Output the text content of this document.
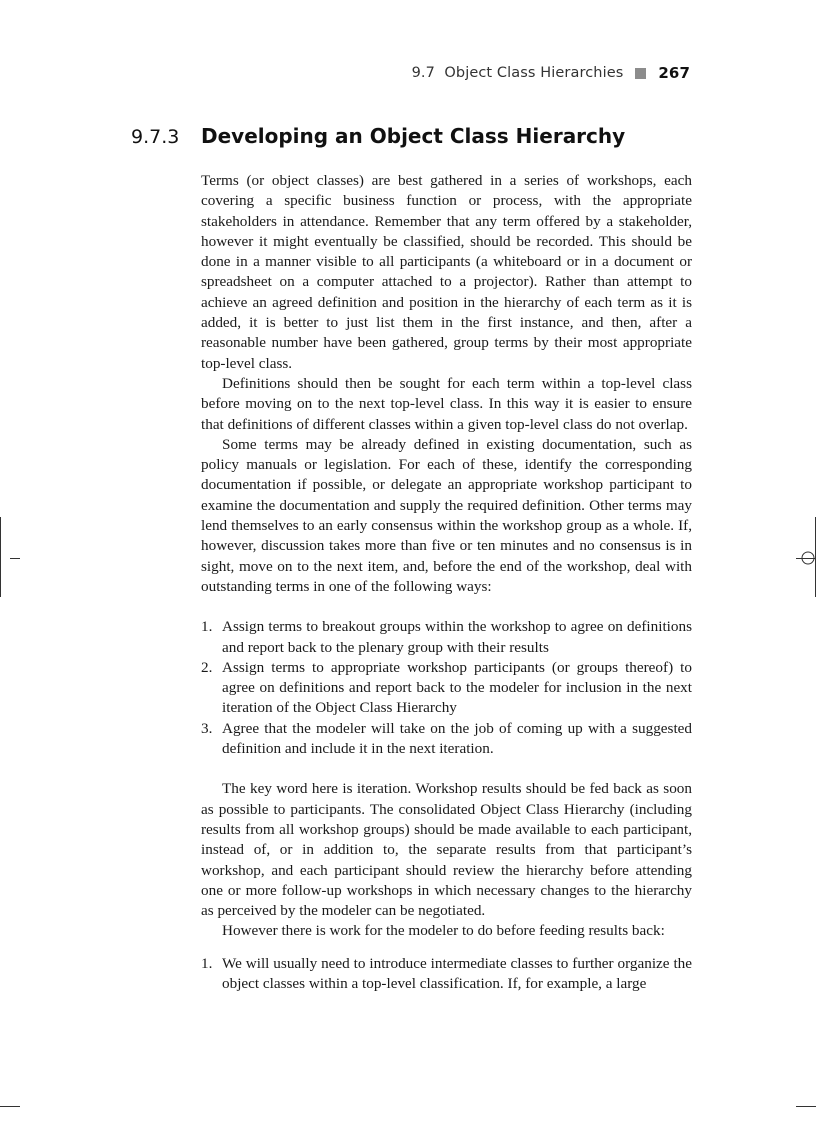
9.7  Object Class Hierarchies 267
9.7.3	Developing an Object Class Hierarchy

Terms (or object classes) are best gathered in a series of workshops, each covering a specific business function or process, with the appropriate stakeholders in attendance. Remember that any term offered by a stakeholder, however it might eventually be classified, should be recorded. This should be done in a manner visible to all participants (a whiteboard or in a document or spreadsheet on a computer attached to a projector). Rather than attempt to achieve an agreed definition and position in the hierarchy of each term as it is added, it is better to just list them in the first instance, and then, after a reasonable number have been gathered, group terms by their most appropriate top-level class.

Definitions should then be sought for each term within a top-level class before moving on to the next top-level class. In this way it is easier to ensure that definitions of different classes within a given top-level class do not overlap.

Some terms may be already defined in existing documentation, such as policy manuals or legislation. For each of these, identify the corresponding documentation if possible, or delegate an appropriate workshop participant to examine the documentation and supply the required definition. Other terms may lend themselves to an early consensus within the workshop group as a whole. If, however, discussion takes more than five or ten minutes and no consensus is in sight, move on to the next item, and, before the end of the workshop, deal with outstanding terms in one of the following ways:

1. Assign terms to breakout groups within the workshop to agree on definitions and report back to the plenary group with their results
2. Assign terms to appropriate workshop participants (or groups thereof) to agree on definitions and report back to the modeler for inclusion in the next iteration of the Object Class Hierarchy
3. Agree that the modeler will take on the job of coming up with a suggested definition and include it in the next iteration.

The key word here is iteration. Workshop results should be fed back as soon as possible to participants. The consolidated Object Class Hierarchy (including results from all workshop groups) should be made available to each participant, instead of, or in addition to, the separate results from that participant’s workshop, and each participant should review the hierarchy before attending one or more follow-up workshops in which necessary changes to the hierarchy as perceived by the modeler can be negotiated.

However there is work for the modeler to do before feeding results back:

1. We will usually need to introduce intermediate classes to further organize the object classes within a top-level classification. If, for example, a large
